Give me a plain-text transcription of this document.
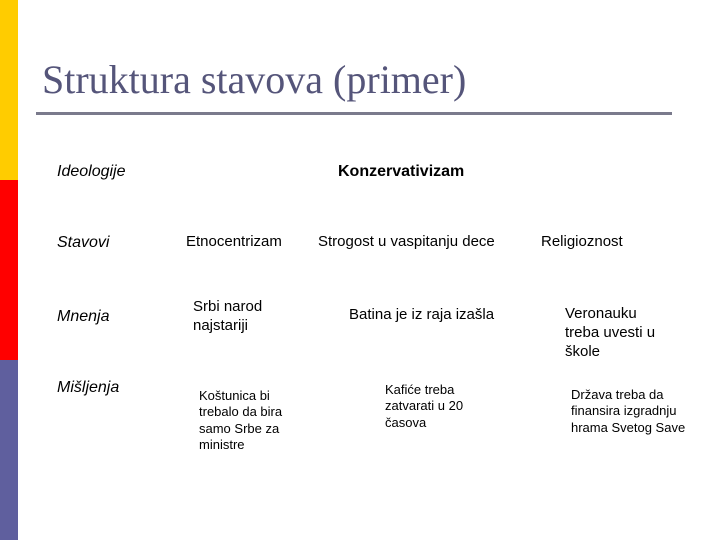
Struktura stavova (primer)
Ideologije
Stavovi
Mnenja
Mišljenja
Konzervativizam
Etnocentrizam Strogost u vaspitanju dece	Religioznost
Srbi narod najstariji
Batina je iz raja izašla	Veronauku treba uvesti u škole
Koštunica bi trebalo da bira samo Srbe za ministre
Kafiće treba zatvarati u 20 časova
Država treba da finansira izgradnju hrama Svetog Save
